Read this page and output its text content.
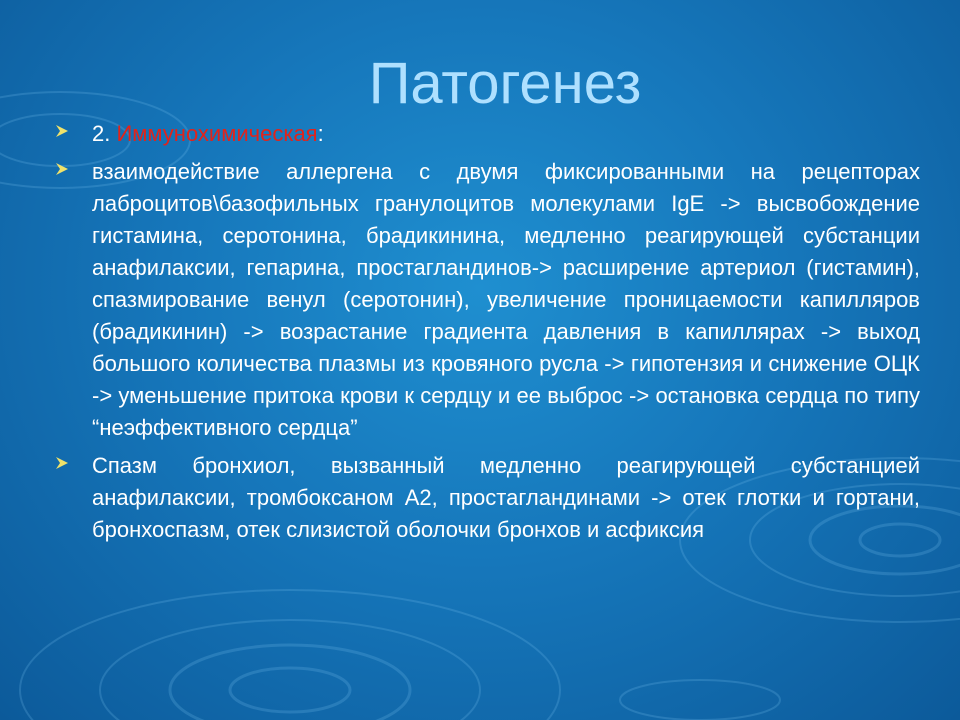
Патогенез
2. Иммунохимическая:
взаимодействие аллергена с двумя фиксированными на рецепторах лаброцитов\базофильных гранулоцитов молекулами IgE -> высвобождение гистамина, серотонина, брадикинина, медленно реагирующей субстанции анафилаксии, гепарина, простагландинов-> расширение артериол (гистамин), спазмирование венул (серотонин), увеличение проницаемости капилляров (брадикинин) -> возрастание градиента давления в капиллярах -> выход большого количества плазмы из кровяного русла -> гипотензия и снижение ОЦК -> уменьшение притока крови к сердцу и ее выброс -> остановка сердца по типу “неэффективного сердца”
Спазм бронхиол, вызванный медленно реагирующей субстанцией анафилаксии, тромбоксаном А2, простагландинами -> отек глотки и гортани, бронхоспазм, отек слизистой оболочки бронхов и асфиксия
